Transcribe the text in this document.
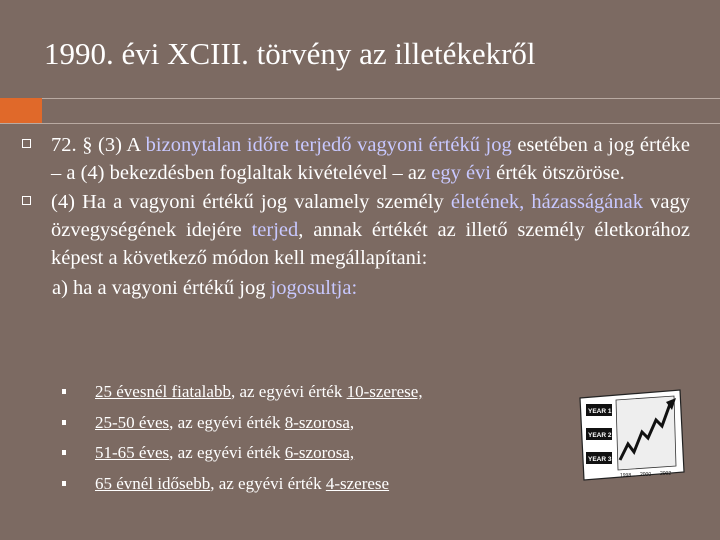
1990. évi XCIII. törvény az illetékekről
72. § (3) A bizonytalan időre terjedő vagyoni értékű jog esetében a jog értéke – a (4) bekezdésben foglaltak kivételével – az egy évi érték ötszöröse.
(4) Ha a vagyoni értékű jog valamely személy életének, házasságának vagy özvegységének idejére terjed, annak értékét az illető személy életkorához képest a következő módon kell megállapítani:
a) ha a vagyoni értékű jog jogosultja:
25 évesnél fiatalabb, az egyévi érték 10-szerese,
25-50 éves, az egyévi érték 8-szorosa,
51-65 éves, az egyévi érték 6-szorosa,
65 évnél idősebb, az egyévi érték 4-szerese
YEAR 1
YEAR 2
YEAR 3
1998 2000 2002
